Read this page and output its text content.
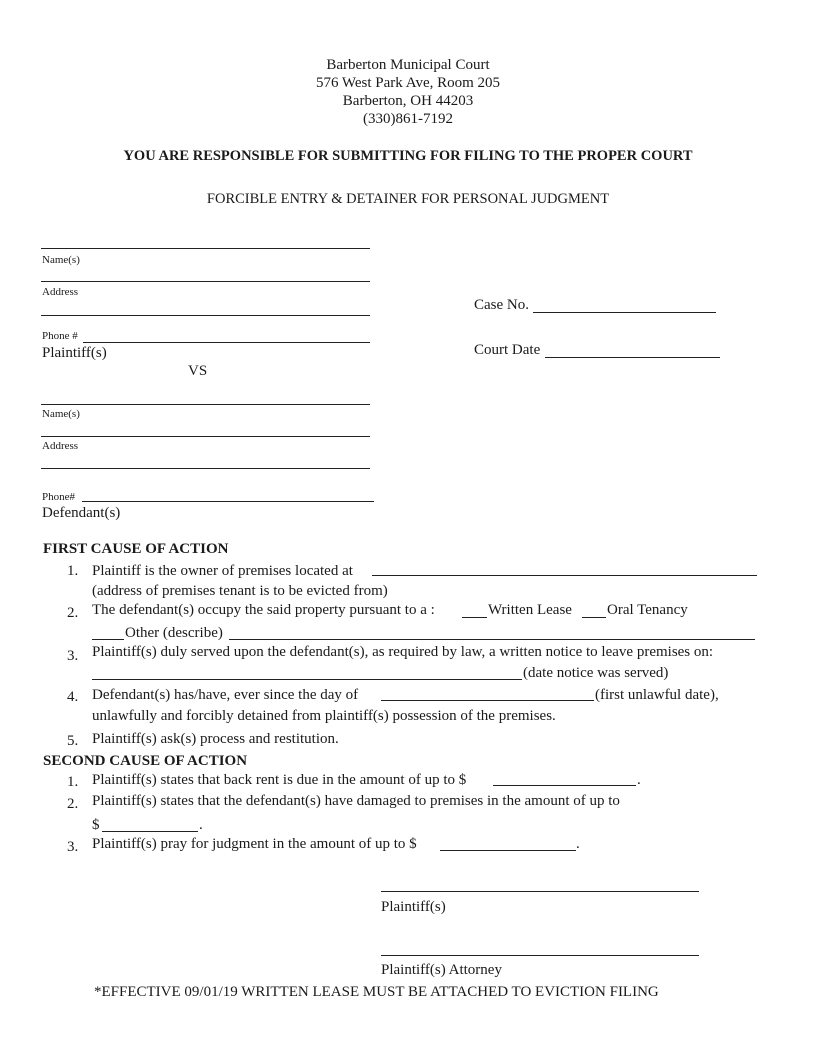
Barberton Municipal Court
576 West Park Ave, Room 205
Barberton, OH 44203
(330)861-7192
YOU ARE RESPONSIBLE FOR SUBMITTING FOR FILING TO THE PROPER COURT
FORCIBLE ENTRY & DETAINER FOR PERSONAL JUDGMENT
Name(s)
Address
Phone #
Plaintiff(s)
VS
Case No.
Court Date
Name(s)
Address
Phone#
Defendant(s)
FIRST CAUSE OF ACTION
1. Plaintiff is the owner of premises located at
(address of premises tenant is to be evicted from)
2. The defendant(s) occupy the said property pursuant to a :	Written Lease Oral Tenancy
Other (describe)
3. Plaintiff(s) duly served upon the defendant(s), as required by law, a written notice to leave premises on:
(date notice was served)
4. Defendant(s) has/have, ever since the day of	(first unlawful date),
unlawfully and forcibly detained from plaintiff(s) possession of the premises.
5. Plaintiff(s) ask(s) process and restitution.
SECOND CAUSE OF ACTION
1. Plaintiff(s) states that back rent is due in the amount of up to $	.
2. Plaintiff(s) states that the defendant(s) have damaged to premises in the amount of up to
$	.
3. Plaintiff(s) pray for judgment in the amount of up to $	.
Plaintiff(s)
Plaintiff(s) Attorney
*EFFECTIVE 09/01/19 WRITTEN LEASE MUST BE ATTACHED TO EVICTION FILING
